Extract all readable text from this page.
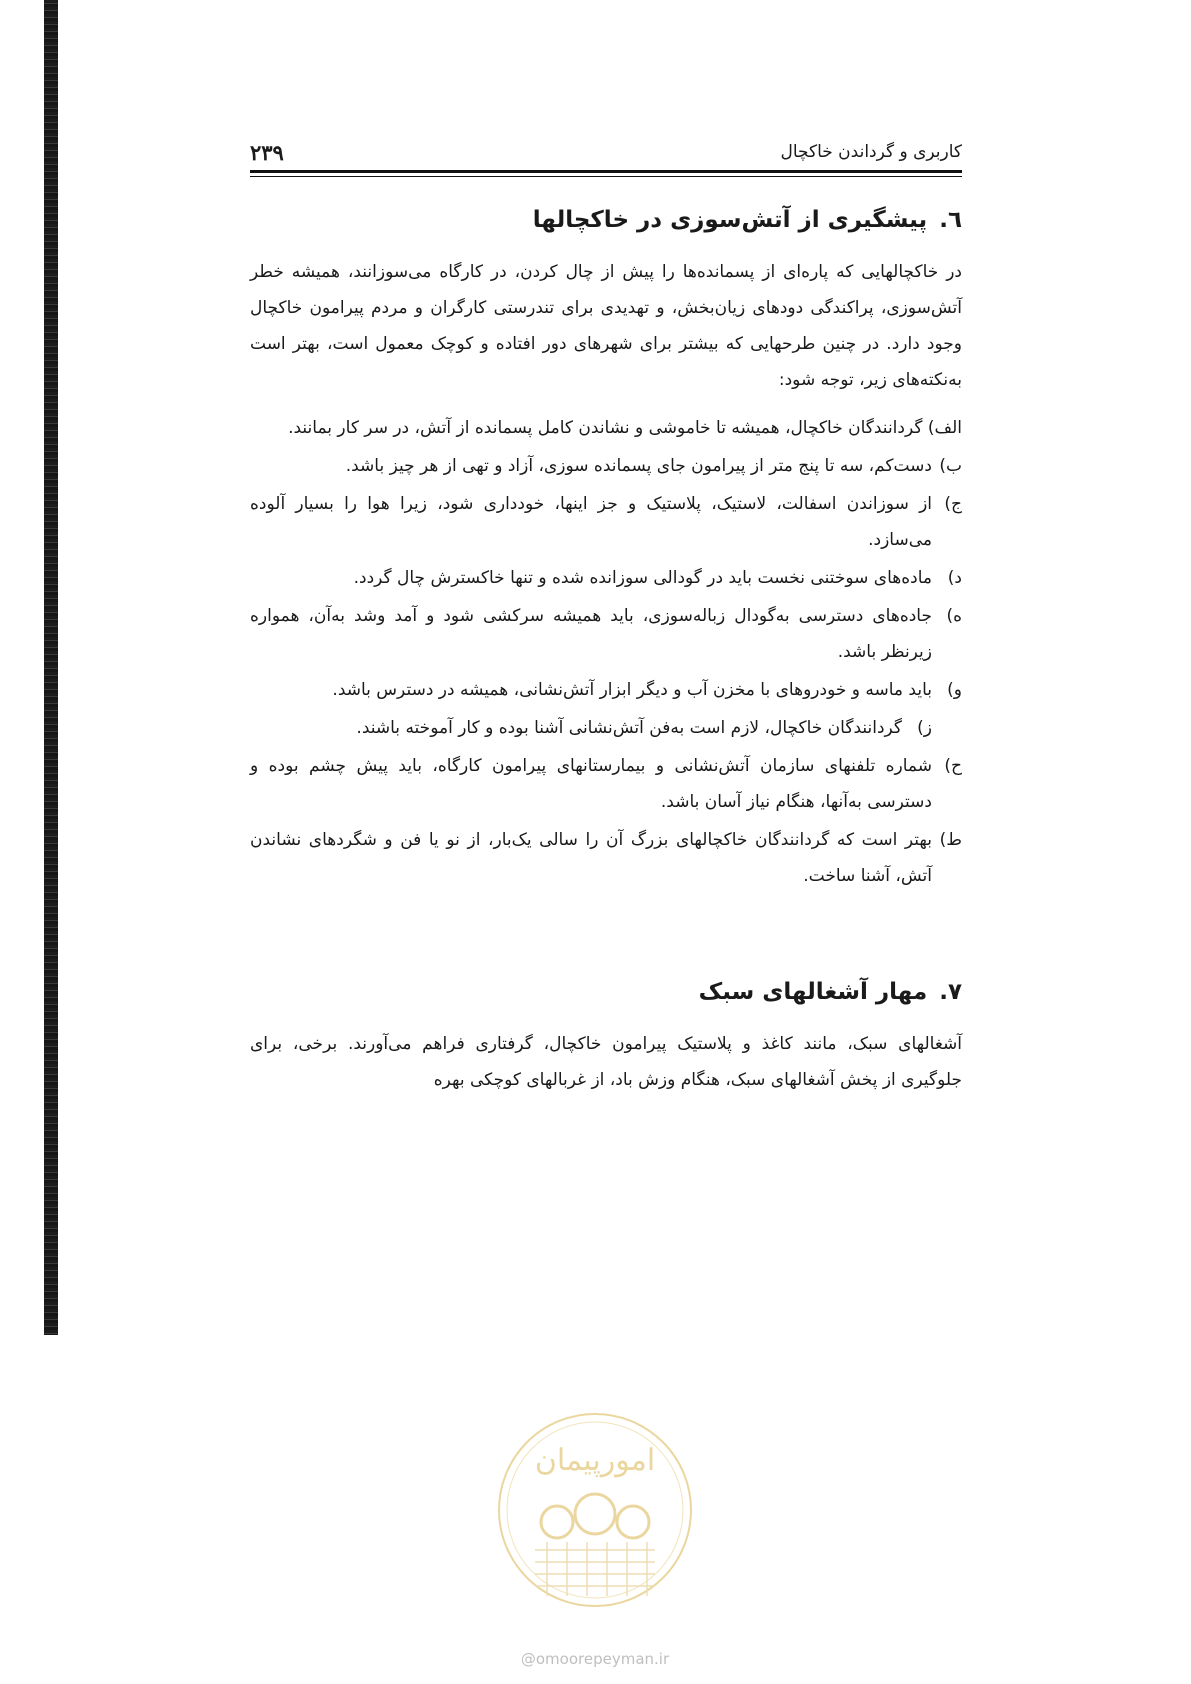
کاربری و گرداندن خاکچال
۲۳۹
٦.پیشگیری از آتش‌سوزی در خاکچالها

در خاکچالهایی که پاره‌ای از پسمانده‌ها را پیش از چال کردن، در کارگاه می‌سوزانند، همیشه خطر آتش‌سوزی، پراکندگی دودهای زیان‌بخش، و تهدیدی برای تندرستی کارگران و مردم پیرامون خاکچال وجود دارد. در چنین طرحهایی که بیشتر برای شهرهای دور افتاده و کوچک معمول است، بهتر است به‌نکته‌های زیر، توجه شود:

الف) گردانندگان خاکچال، همیشه تا خاموشی و نشاندن کامل پسمانده از آتش، در سر کار بمانند.
ب)
دست‌کم، سه تا پنج متر از پیرامون جای پسمانده سوزی، آزاد و تهی از هر چیز باشد.
ج)
از سوزاندن اسفالت، لاستیک، پلاستیک و جز اینها، خودداری شود، زیرا هوا را بسیار آلوده می‌سازد.
د)
ماده‌های سوختنی نخست باید در گودالی سوزانده شده و تنها خاکسترش چال گردد.
ه)
جاده‌های دسترسی به‌گودال زباله‌سوزی، باید همیشه سرکشی شود و آمد وشد به‌آن، همواره زیرنظر باشد.
و)
باید ماسه و خودروهای با مخزن آب و دیگر ابزار آتش‌نشانی، همیشه در دسترس باشد.
ز)
گردانندگان خاکچال، لازم است به‌فن آتش‌نشانی آشنا بوده و کار آموخته باشند.
ح)
شماره تلفنهای سازمان آتش‌نشانی و بیمارستانهای پیرامون کارگاه، باید پیش چشم بوده و دسترسی به‌آنها، هنگام نیاز آسان باشد.
ط)
بهتر است که گردانندگان خاکچالهای بزرگ آن را سالی یک‌بار، از نو یا فن و شگردهای نشاندن آتش، آشنا ساخت.
٧.مهار آشغالهای سبک

آشغالهای سبک، مانند کاغذ و پلاستیک پیرامون خاکچال، گرفتاری فراهم می‌آورند. برخی، برای جلوگیری از پخش آشغالهای سبک، هنگام وزش باد، از غربالهای کوچکی بهره

امورپیمان
@omoorepeyman.ir
